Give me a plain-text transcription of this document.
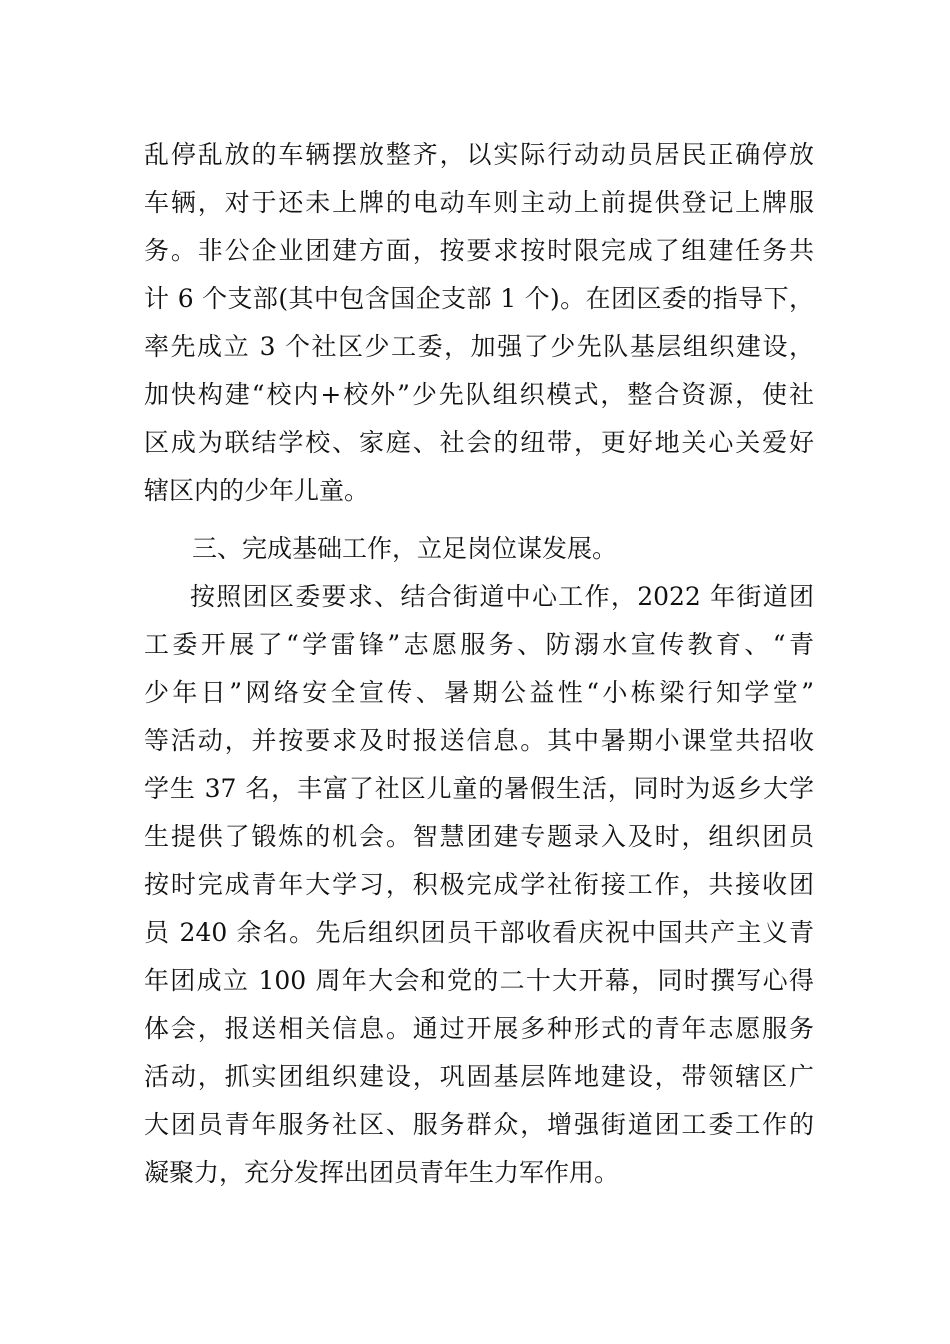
乱停乱放的车辆摆放整齐，以实际行动动员居民正确停放
车辆，对于还未上牌的电动车则主动上前提供登记上牌服
务。非公企业团建方面，按要求按时限完成了组建任务共
计 6 个支部(其中包含国企支部 1 个)。在团区委的指导下，
率先成立 3 个社区少工委，加强了少先队基层组织建设，
加快构建“校内+校外”少先队组织模式，整合资源，使社
区成为联结学校、家庭、社会的纽带，更好地关心关爱好
辖区内的少年儿童。
三、完成基础工作，立足岗位谋发展。
按照团区委要求、结合街道中心工作，2022 年街道团
工委开展了“学雷锋”志愿服务、防溺水宣传教育、“青
少年日”网络安全宣传、暑期公益性“小栋梁行知学堂”
等活动，并按要求及时报送信息。其中暑期小课堂共招收
学生 37 名，丰富了社区儿童的暑假生活，同时为返乡大学
生提供了锻炼的机会。智慧团建专题录入及时，组织团员
按时完成青年大学习，积极完成学社衔接工作，共接收团
员 240 余名。先后组织团员干部收看庆祝中国共产主义青
年团成立 100 周年大会和党的二十大开幕，同时撰写心得
体会，报送相关信息。通过开展多种形式的青年志愿服务
活动，抓实团组织建设，巩固基层阵地建设，带领辖区广
大团员青年服务社区、服务群众，增强街道团工委工作的
凝聚力，充分发挥出团员青年生力军作用。
